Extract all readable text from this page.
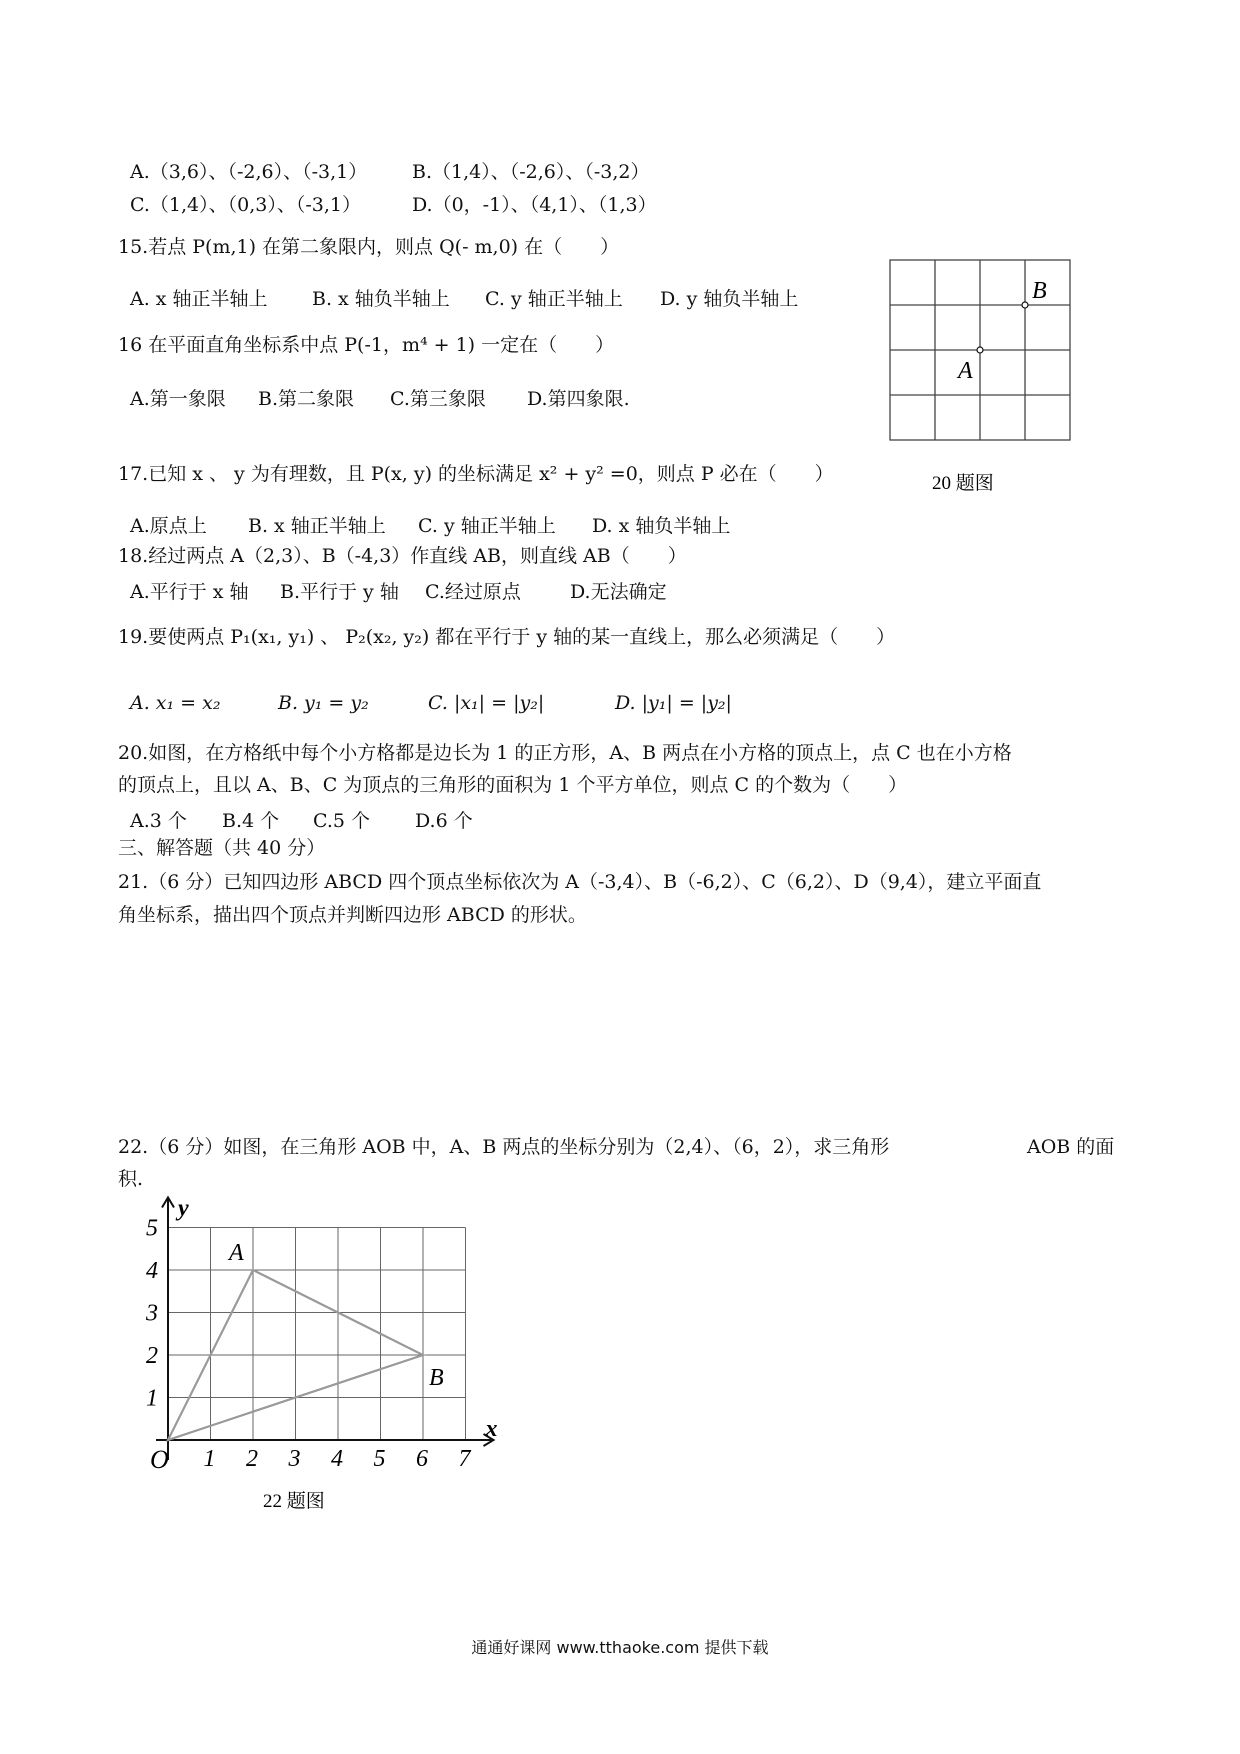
A.（3,6）、（-2,6）、（-3,1） B.（1,4）、（-2,6）、（-3,2）
C.（1,4）、（0,3）、（-3,1）	D.（0，-1）、（4,1）、（1,3）
15.若点 P(m,1) 在第二象限内，则点 Q(- m,0) 在（　　）
A. x 轴正半轴上 B. x 轴负半轴上 C. y 轴正半轴上 D. y 轴负半轴上
16 在平面直角坐标系中点 P(-1，m⁴ + 1) 一定在（　　）
A.第一象限 B.第二象限 C.第三象限 D.第四象限.
A
B
20 题图
17.已知 x 、 y 为有理数，且 P(x, y) 的坐标满足 x² + y² =0，则点 P 必在（　　）
A.原点上 B. x 轴正半轴上 C. y 轴正半轴上 D. x 轴负半轴上
18.经过两点 A（2,3）、B（-4,3）作直线 AB，则直线 AB（　　）
A.平行于 x 轴 B.平行于 y 轴 C.经过原点	D.无法确定
19.要使两点 P₁(x₁, y₁) 、 P₂(x₂, y₂) 都在平行于 y 轴的某一直线上，那么必须满足（　　）
A. x₁ = x₂	B. y₁ = y₂	C. |x₁| = |y₂|	D. |y₁| = |y₂|
20.如图，在方格纸中每个小方格都是边长为 1 的正方形，A、B 两点在小方格的顶点上，点 C 也在小方格
的顶点上，且以 A、B、C 为顶点的三角形的面积为 1 个平方单位，则点 C 的个数为（　　）
A.3 个 B.4 个 C.5 个 D.6 个
三、解答题（共 40 分）
21.（6 分）已知四边形 ABCD 四个顶点坐标依次为 A（-3,4）、B（-6,2）、C（6,2）、D（9,4），建立平面直
角坐标系，描出四个顶点并判断四边形 ABCD 的形状。
22.（6 分）如图，在三角形 AOB 中，A、B 两点的坐标分别为（2,4）、（6，2），求三角形	AOB 的面
积.
1 2 3 4 5 6 7
1
2
3
4
5
O
x
y
A
B
22 题图
通通好课网 www.tthaoke.com 提供下载
